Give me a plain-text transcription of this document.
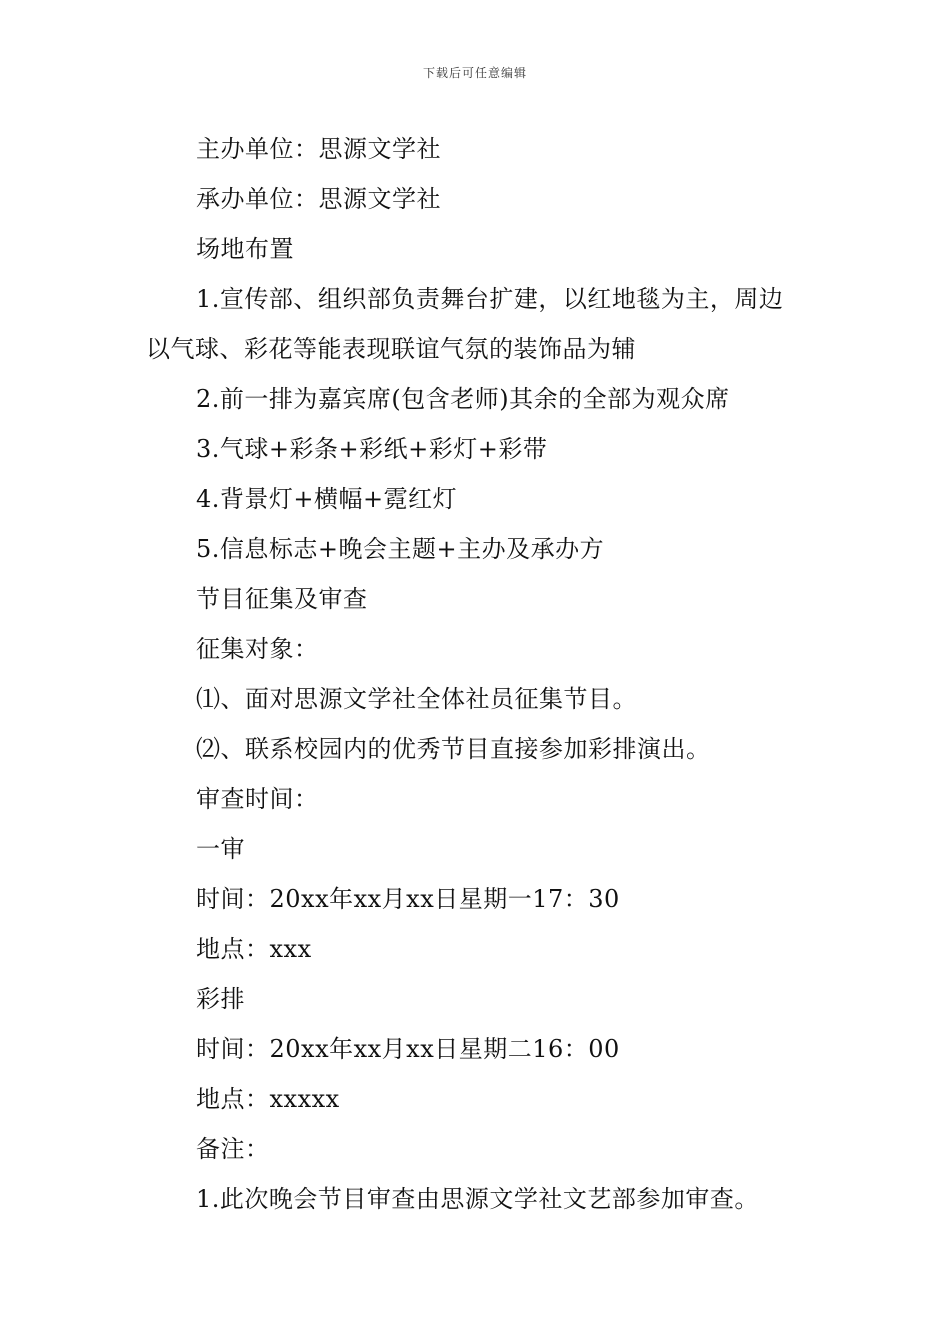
下载后可任意编辑
主办单位：思源文学社
承办单位：思源文学社
场地布置
1.宣传部、组织部负责舞台扩建，以红地毯为主，周边以气球、彩花等能表现联谊气氛的装饰品为辅
2.前一排为嘉宾席(包含老师)其余的全部为观众席
3.气球+彩条+彩纸+彩灯+彩带
4.背景灯+横幅+霓红灯
5.信息标志+晚会主题+主办及承办方
节目征集及审查
征集对象：
⑴、面对思源文学社全体社员征集节目。
⑵、联系校园内的优秀节目直接参加彩排演出。
审查时间：
一审
时间：20xx年xx月xx日星期一17：30
地点：xxx
彩排
时间：20xx年xx月xx日星期二16：00
地点：xxxxx
备注：
1.此次晚会节目审查由思源文学社文艺部参加审查。
